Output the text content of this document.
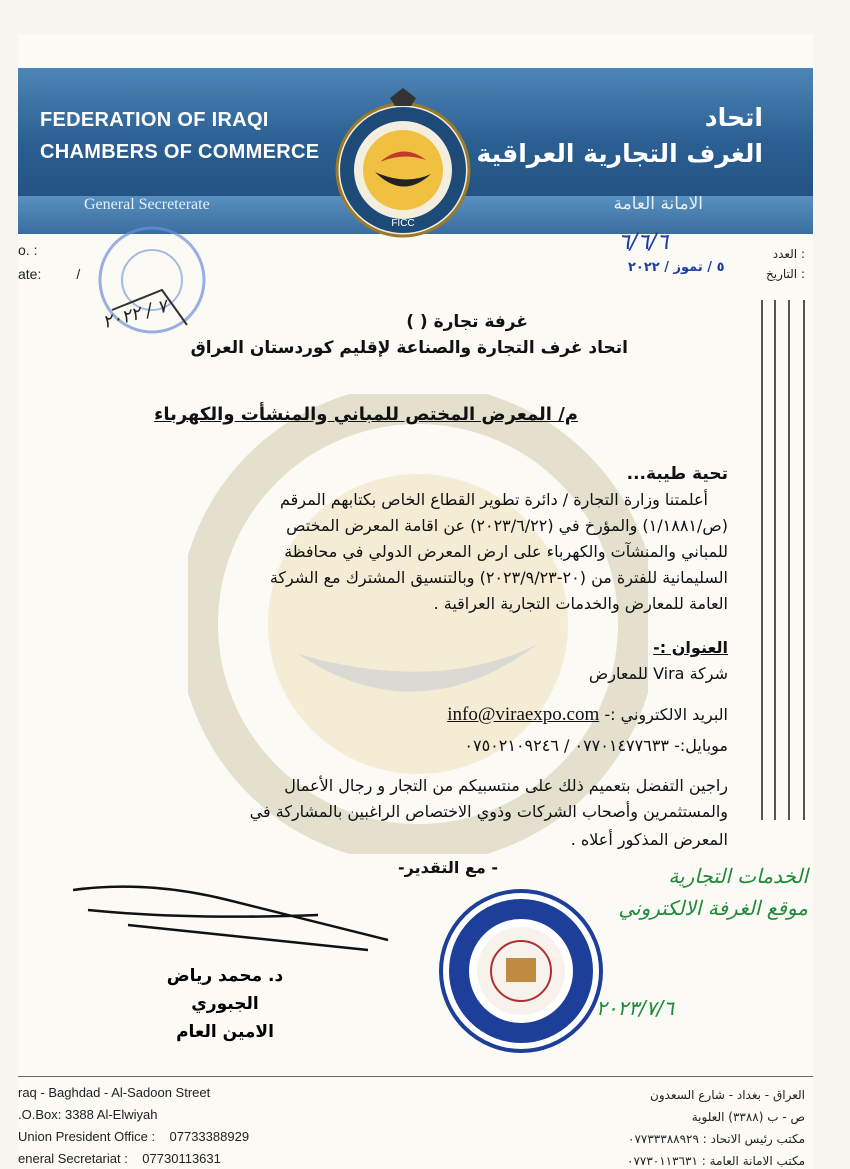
FEDERATION OF IRAQI
CHAMBERS OF COMMERCE
اتحاد
الغرف التجارية العراقية
General Secreterate	الامانة العامة
FICC
o. :
ate:	/
٧ / ٢٠٢٢
: العدد
: التاريخ
٦/٦/٦
٥ / تموز / ٢٠٢٢
غرفة تجارة ( )
اتحاد غرف التجارة والصناعة لإقليم كوردستان العراق
م/ المعرض المختص للمباني والمنشأت والكهرباء
تحية طيبة...
أعلمتنا وزارة التجارة / دائرة تطوير القطاع الخاص بكتابهم المرقم
(ص/١/١٨٨١) والمؤرخ في (٢٠٢٣/٦/٢٢) عن اقامة المعرض المختص
للمباني والمنشآت والكهرباء على ارض المعرض الدولي في محافظة
السليمانية للفترة من (٢٠-٢٠٢٣/٩/٢٣) وبالتنسيق المشترك مع الشركة
العامة للمعارض والخدمات التجارية العراقية .
العنوان :-
شركة Vira للمعارض
البريد الالكتروني :- info@viraexpo.com
موبايل:- ٠٧٧٠١٤٧٧٦٣٣ / ٠٧٥٠٢١٠٩٢٤٦
راجين التفضل بتعميم ذلك على منتسبيكم من التجار و رجال الأعمال
والمستثمرين وأصحاب الشركات وذوي الاختصاص الراغبين بالمشاركة في
المعرض المذكور أعلاه .
- مع التقدير-
د. محمد رياض الجبوري
الامين العام
الخدمات التجارية
موقع الغرفة الالكتروني
٢٠٢٣/٧/٦
raq - Baghdad - Al-Sadoon Street
.O.Box: 3388 Al-Elwiyah
Union President Office : 07733388929
eneral Secretariat : 07730113631
العراق - بغداد - شارع السعدون
ص - ب (٣٣٨٨) العلوية
مكتب رئيس الاتحاد : ٠٧٧٣٣٣٨٨٩٢٩
مكتب الامانة العامة : ٠٧٧٣٠١١٣٦٣١
